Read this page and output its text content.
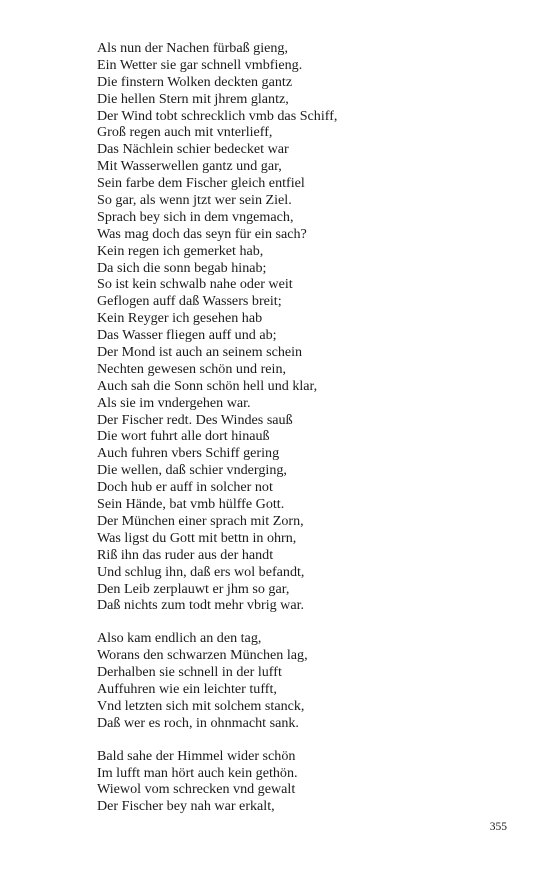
Als nun der Nachen fürbaß gieng,
Ein Wetter sie gar schnell vmbfieng.
Die finstern Wolken deckten gantz
Die hellen Stern mit jhrem glantz,
Der Wind tobt schrecklich vmb das Schiff,
Groß regen auch mit vnterlieff,
Das Nächlein schier bedecket war
Mit Wasserwellen gantz und gar,
Sein farbe dem Fischer gleich entfiel
So gar, als wenn jtzt wer sein Ziel.
Sprach bey sich in dem vngemach,
Was mag doch das seyn für ein sach?
Kein regen ich gemerket hab,
Da sich die sonn begab hinab;
So ist kein schwalb nahe oder weit
Geflogen auff daß Wassers breit;
Kein Reyger ich gesehen hab
Das Wasser fliegen auff und ab;
Der Mond ist auch an seinem schein
Nechten gewesen schön und rein,
Auch sah die Sonn schön hell und klar,
Als sie im vndergehen war.
Der Fischer redt. Des Windes sauß
Die wort fuhrt alle dort hinauß
Auch fuhren vbers Schiff gering
Die wellen, daß schier vnderging,
Doch hub er auff in solcher not
Sein Hände, bat vmb hülffe Gott.
Der München einer sprach mit Zorn,
Was ligst du Gott mit bettn in ohrn,
Riß ihn das ruder aus der handt
Und schlug ihn, daß ers wol befandt,
Den Leib zerplauwt er jhm so gar,
Daß nichts zum todt mehr vbrig war.
Also kam endlich an den tag,
Worans den schwarzen München lag,
Derhalben sie schnell in der lufft
Auffuhren wie ein leichter tufft,
Vnd letzten sich mit solchem stanck,
Daß wer es roch, in ohnmacht sank.
Bald sahe der Himmel wider schön
Im lufft man hört auch kein gethön.
Wiewol vom schrecken vnd gewalt
Der Fischer bey nah war erkalt,
355
